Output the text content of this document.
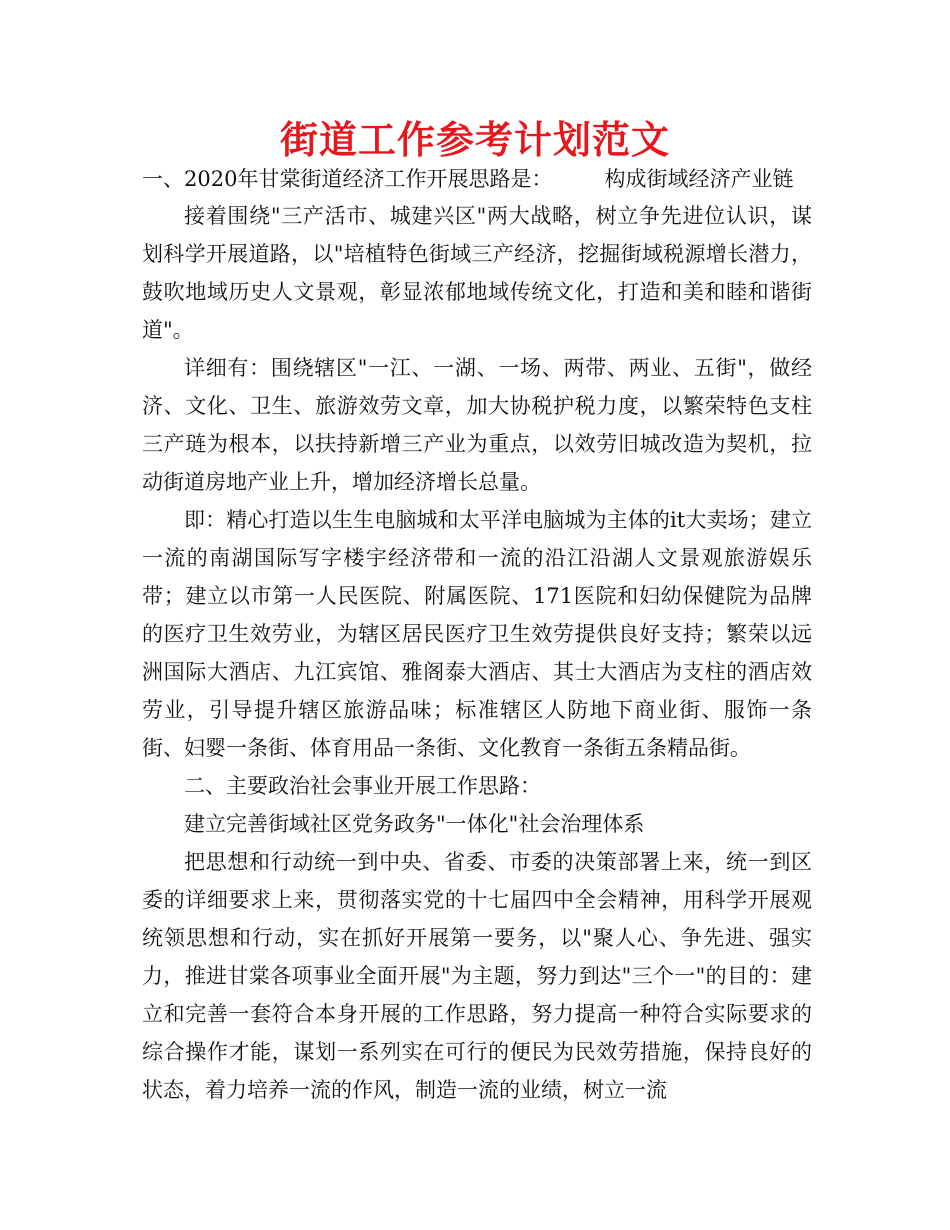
街道工作参考计划范文
一、2020年甘棠街道经济工作开展思路是： 构成街域经济产业链

接着围绕"三产活市、城建兴区"两大战略，树立争先进位认识，谋划科学开展道路，以"培植特色街域三产经济，挖掘街域税源增长潜力，鼓吹地域历史人文景观，彰显浓郁地域传统文化，打造和美和睦和谐街道"。

详细有：围绕辖区"一江、一湖、一场、两带、两业、五街"，做经济、文化、卫生、旅游效劳文章，加大协税护税力度，以繁荣特色支柱三产琏为根本，以扶持新增三产业为重点，以效劳旧城改造为契机，拉动街道房地产业上升，增加经济增长总量。

即：精心打造以生生电脑城和太平洋电脑城为主体的it大卖场；建立一流的南湖国际写字楼宇经济带和一流的沿江沿湖人文景观旅游娱乐带；建立以市第一人民医院、附属医院、171医院和妇幼保健院为品牌的医疗卫生效劳业，为辖区居民医疗卫生效劳提供良好支持；繁荣以远洲国际大酒店、九江宾馆、雅阁泰大酒店、其士大酒店为支柱的酒店效劳业，引导提升辖区旅游品味；标准辖区人防地下商业街、服饰一条街、妇婴一条街、体育用品一条街、文化教育一条街五条精品街。

二、主要政治社会事业开展工作思路：

建立完善街域社区党务政务"一体化"社会治理体系

把思想和行动统一到中央、省委、市委的决策部署上来，统一到区委的详细要求上来，贯彻落实党的十七届四中全会精神，用科学开展观统领思想和行动，实在抓好开展第一要务，以"聚人心、争先进、强实力，推进甘棠各项事业全面开展"为主题，努力到达"三个一"的目的：建立和完善一套符合本身开展的工作思路，努力提高一种符合实际要求的综合操作才能，谋划一系列实在可行的便民为民效劳措施，保持良好的状态，着力培养一流的作风，制造一流的业绩，树立一流
